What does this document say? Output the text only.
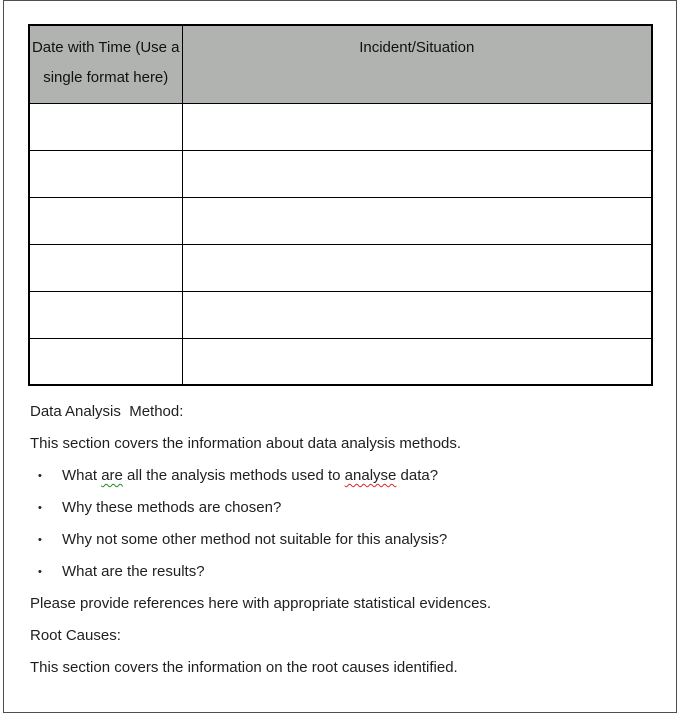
Date with Time (Use a
single format here)	Incident/Situation

Data Analysis  Method:

This section covers the information about data analysis methods.

•	What are all the analysis methods used to analyse data?
•	Why these methods are chosen?
•	Why not some other method not suitable for this analysis?
•	What are the results?

Please provide references here with appropriate statistical evidences.

Root Causes:

This section covers the information on the root causes identified.
